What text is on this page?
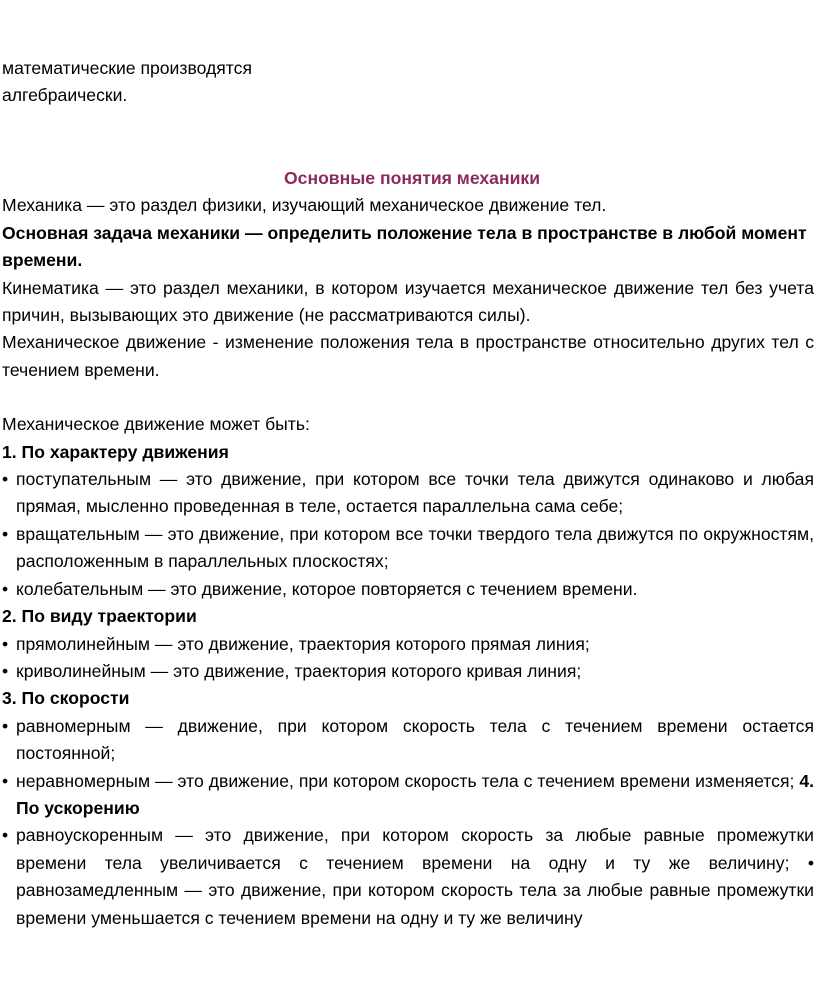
математические производятся

алгебраически.

Основные понятия механики

Механика — это раздел физики, изучающий механическое движение тел.

Основная задача механики — определить положение тела в пространстве в любой момент времени.

Кинематика — это раздел механики, в котором изучается механическое движение тел без учета причин, вызывающих это движение (не рассматриваются силы).

Механическое движение - изменение положения тела в пространстве относительно других тел с течением времени.

Механическое движение может быть:

1. По характеру движения

• поступательным — это движение, при котором все точки тела движутся одинаково и любая прямая, мысленно проведенная в теле, остается параллельна сама себе;
• вращательным — это движение, при котором все точки твердого тела движутся по окружностям, расположенным в параллельных плоскостях;
• колебательным — это движение, которое повторяется с течением времени.

2. По виду траектории

• прямолинейным — это движение, траектория которого прямая линия;
• криволинейным — это движение, траектория которого кривая линия;

3. По скорости

• равномерным — движение, при котором скорость тела с течением времени остается постоянной;
• неравномерным — это движение, при котором скорость тела с течением времени изменяется; 4. По ускорению
• равноускоренным — это движение, при котором скорость за любые равные промежутки времени тела увеличивается с течением времени на одну и ту же величину; • равнозамедленным — это движение, при котором скорость тела за любые равные промежутки времени уменьшается с течением времени на одну и ту же величину
